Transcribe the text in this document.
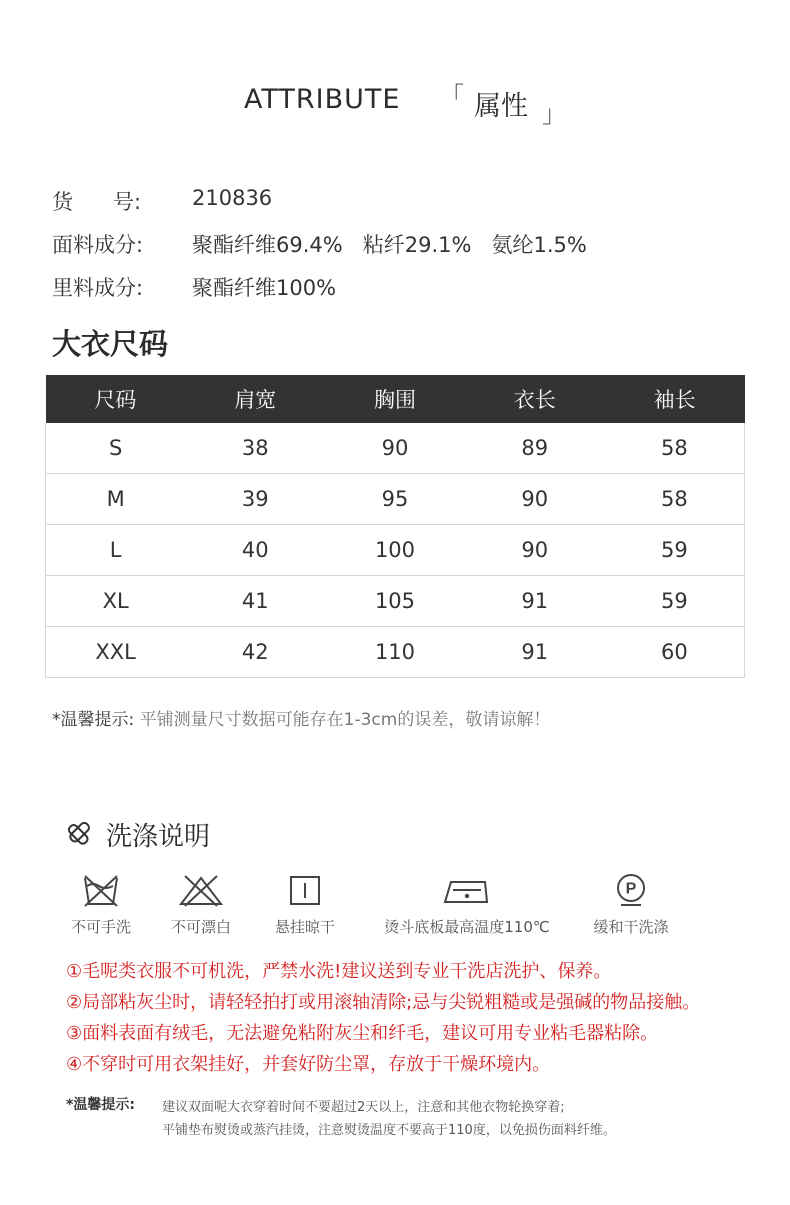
ATTRIBUTE 「 属性 」
货      号: 210836
面料成分: 聚酯纤维69.4%   粘纤29.1%   氨纶1.5%
里料成分: 聚酯纤维100%
大衣尺码
尺码	肩宽	胸围	衣长	袖长
S	38	90	89	58
M	39	95	90	58
L	40	100	90	59
XL	41	105	91	59
XXL	42	110	91	60
*温馨提示: 平铺测量尺寸数据可能存在1-3cm的误差，敬请谅解！
洗涤说明
不可手洗	不可漂白	悬挂晾干	烫斗底板最高温度110℃
P
缓和干洗涤
①毛呢类衣服不可机洗，严禁水洗!建议送到专业干洗店洗护、保养。
②局部粘灰尘时，请轻轻拍打或用滚轴清除;忌与尖锐粗糙或是强碱的物品接触。
③面料表面有绒毛，无法避免粘附灰尘和纤毛，建议可用专业粘毛器粘除。
④不穿时可用衣架挂好，并套好防尘罩，存放于干燥环境内。
*温馨提示: 建议双面呢大衣穿着时间不要超过2天以上，注意和其他衣物轮换穿着;
平铺垫布熨烫或蒸汽挂烫，注意熨烫温度不要高于110度，以免损伤面料纤维。
